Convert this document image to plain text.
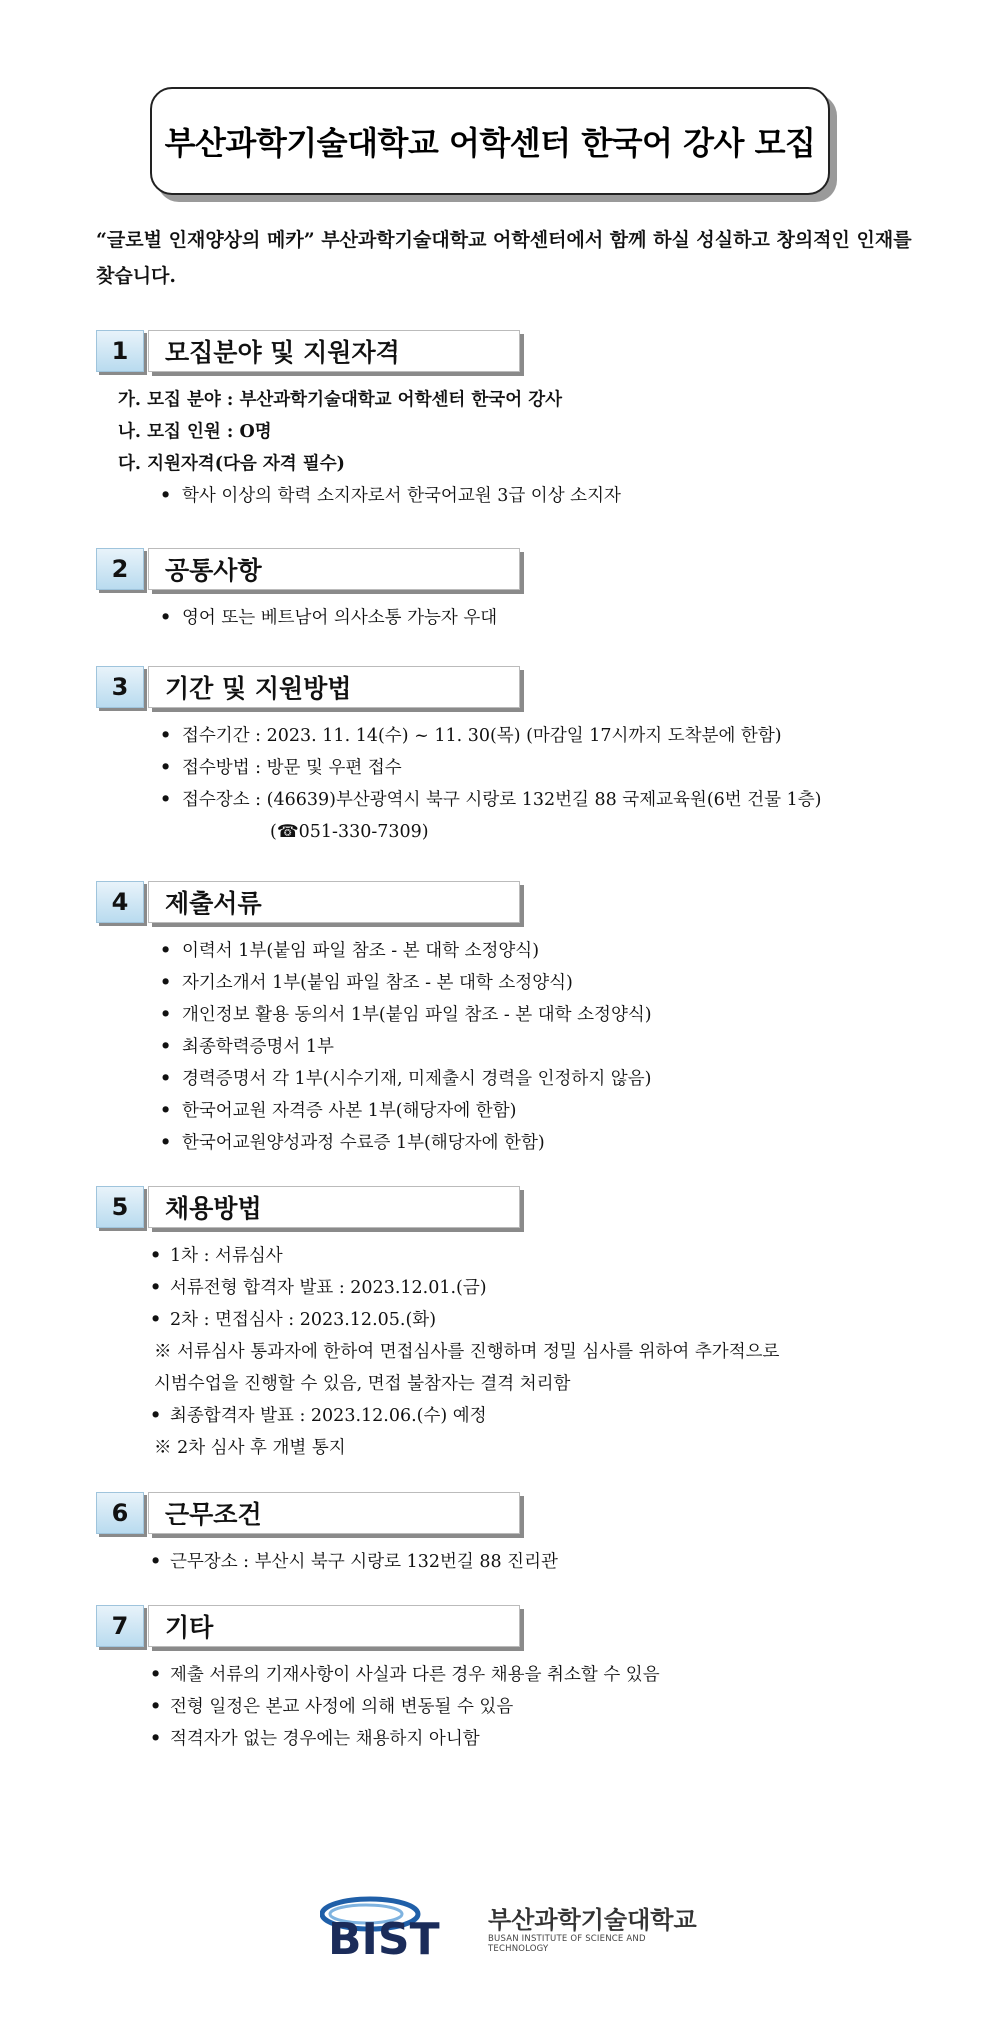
부산과학기술대학교 어학센터 한국어 강사 모집

“글로벌 인재양상의 메카” 부산과학기술대학교 어학센터에서 함께 하실 성실하고 창의적인 인재를 찾습니다.

1	모집분야 및 지원자격
가. 모집 분야 : 부산과학기술대학교 어학센터 한국어 강사
나. 모집 인원 : O명
다. 지원자격(다음 자격 필수)
• 학사 이상의 학력 소지자로서 한국어교원 3급 이상 소지자
2	공통사항
• 영어 또는 베트남어 의사소통 가능자 우대
3	기간 및 지원방법
• 접수기간 : 2023. 11. 14(수) ~ 11. 30(목) (마감일 17시까지 도착분에 한함)
• 접수방법 : 방문 및 우편 접수
• 접수장소 : (46639)부산광역시 북구 시랑로 132번길 88 국제교육원(6번 건물 1층)
(☎051-330-7309)
4	제출서류
• 이력서 1부(붙임 파일 참조 - 본 대학 소정양식)
• 자기소개서 1부(붙임 파일 참조 - 본 대학 소정양식)
• 개인정보 활용 동의서 1부(붙임 파일 참조 - 본 대학 소정양식)
• 최종학력증명서 1부
• 경력증명서 각 1부(시수기재, 미제출시 경력을 인정하지 않음)
• 한국어교원 자격증 사본 1부(해당자에 한함)
• 한국어교원양성과정 수료증 1부(해당자에 한함)
5	채용방법
• 1차 : 서류심사
• 서류전형 합격자 발표 : 2023.12.01.(금)
• 2차 : 면접심사 : 2023.12.05.(화)
※ 서류심사 통과자에 한하여 면접심사를 진행하며 정밀 심사를 위하여 추가적으로
시범수업을 진행할 수 있음, 면접 불참자는 결격 처리함
• 최종합격자 발표 : 2023.12.06.(수) 예정
※ 2차 심사 후 개별 통지
6	근무조건
• 근무장소 : 부산시 북구 시랑로 132번길 88 진리관
7	기타
• 제출 서류의 기재사항이 사실과 다른 경우 채용을 취소할 수 있음
• 전형 일정은 본교 사정에 의해 변동될 수 있음
• 적격자가 없는 경우에는 채용하지 아니함
BIST 부산과학기술대학교
BUSAN INSTITUTE OF SCIENCE AND TECHNOLOGY
